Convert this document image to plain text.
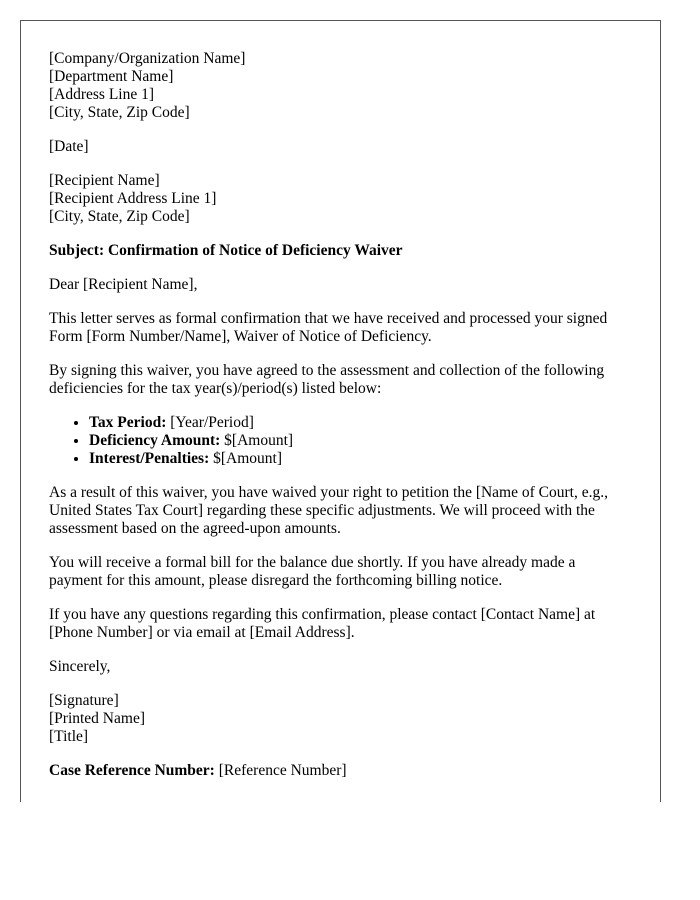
[Company/Organization Name]
[Department Name]
[Address Line 1]
[City, State, Zip Code]
[Date]
[Recipient Name]
[Recipient Address Line 1]
[City, State, Zip Code]

Subject: Confirmation of Notice of Deficiency Waiver

Dear [Recipient Name],

This letter serves as formal confirmation that we have received and processed your signed Form [Form Number/Name], Waiver of Notice of Deficiency.

By signing this waiver, you have agreed to the assessment and collection of the following deficiencies for the tax year(s)/period(s) listed below:

• Tax Period: [Year/Period]
• Deficiency Amount: $[Amount]
• Interest/Penalties: $[Amount]

As a result of this waiver, you have waived your right to petition the [Name of Court, e.g., United States Tax Court] regarding these specific adjustments. We will proceed with the assessment based on the agreed-upon amounts.

You will receive a formal bill for the balance due shortly. If you have already made a payment for this amount, please disregard the forthcoming billing notice.

If you have any questions regarding this confirmation, please contact [Contact Name] at [Phone Number] or via email at [Email Address].

Sincerely,

[Signature]
[Printed Name]
[Title]

Case Reference Number: [Reference Number]
